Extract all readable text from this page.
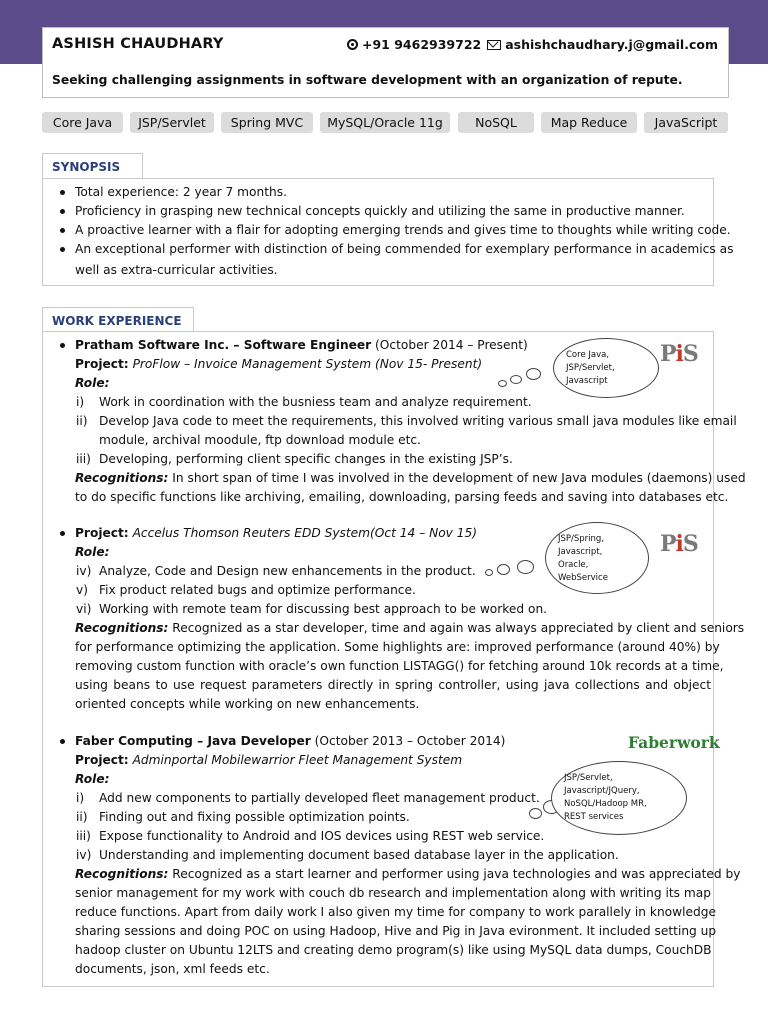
ASHISH CHAUDHARY	+91 9462939722 ashishchaudhary.j@gmail.com
Seeking challenging assignments in software development with an organization of repute.
Core Java	JSP/Servlet	Spring MVC	MySQL/Oracle 11g	NoSQL	Map Reduce	JavaScript
SYNOPSIS
Total experience: 2 year 7 months.
Proficiency in grasping new technical concepts quickly and utilizing the same in productive manner.
A proactive learner with a flair for adopting emerging trends and gives time to thoughts while writing code.
An exceptional performer with distinction of being commended for exemplary performance in academics as
well as extra-curricular activities.
WORK EXPERIENCE
Pratham Software Inc. – Software Engineer (October 2014 – Present)
Project: ProFlow – Invoice Management System (Nov 15- Present)
Role:
i) Work in coordination with the busniess team and analyze requirement.
ii) Develop Java code to meet the requirements, this involved writing various small java modules like email
module, archival moodule, ftp download module etc.
iii) Developing, performing client specific changes in the existing JSP’s.
Recognitions: In short span of time I was involved in the development of new Java modules (daemons) used
to do specific functions like archiving, emailing, downloading, parsing feeds and saving into databases etc.
Core Java,
JSP/Servlet,
Javascript
PiS
Project: Accelus Thomson Reuters EDD System(Oct 14 – Nov 15)
Role:
iv) Analyze, Code and Design new enhancements in the product.
v) Fix product related bugs and optimize performance.
vi) Working with remote team for discussing best approach to be worked on.
Recognitions: Recognized as a star developer, time and again was always appreciated by client and seniors
for performance optimizing the application. Some highlights are: improved performance (around 40%) by
removing custom function with oracle’s own function LISTAGG() for fetching around 10k records at a time,
using beans to use request parameters directly in spring controller, using java collections and object
oriented concepts while working on new enhancements.
JSP/Spring,
Javascript,
Oracle,
WebService
PiS
Faber Computing – Java Developer (October 2013 – October 2014)
Project: Adminportal Mobilewarrior Fleet Management System
Role:
i) Add new components to partially developed fleet management product.
ii) Finding out and fixing possible optimization points.
iii) Expose functionality to Android and IOS devices using REST web service.
iv) Understanding and implementing document based database layer in the application.
Recognitions: Recognized as a start learner and performer using java technologies and was appreciated by
senior management for my work with couch db research and implementation along with writing its map
reduce functions. Apart from daily work I also given my time for company to work parallely in knowledge
sharing sessions and doing POC on using Hadoop, Hive and Pig in Java evironment. It included setting up
hadoop cluster on Ubuntu 12LTS and creating demo program(s) like using MySQL data dumps, CouchDB
documents, json, xml feeds etc.
Faberwork
JSP/Servlet,
Javascript/JQuery,
NoSQL/Hadoop MR,
REST services
